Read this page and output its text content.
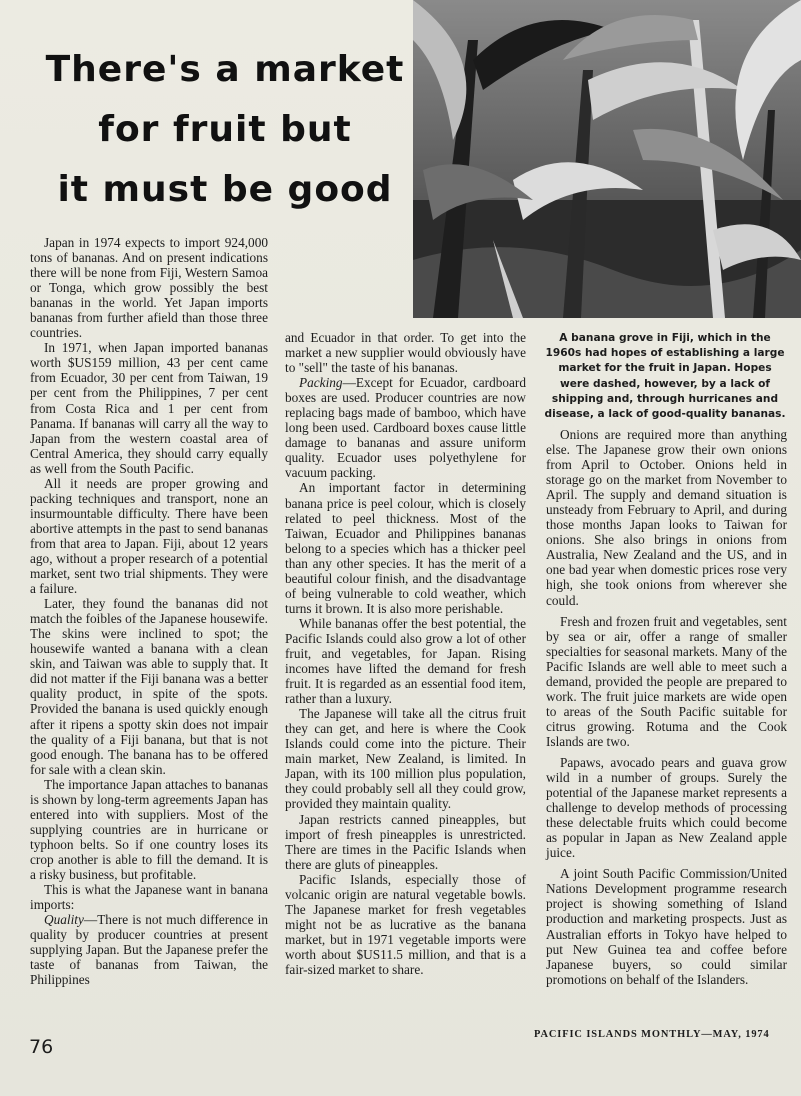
There's a market
for fruit but
it must be good

A banana grove in Fiji, which in the 1960s had hopes of establishing a large market for the fruit in Japan. Hopes were dashed, however, by a lack of shipping and, through hurricanes and disease, a lack of good-quality bananas.

Japan in 1974 expects to import 924,000 tons of bananas. And on present indications there will be none from Fiji, Western Samoa or Tonga, which grow possibly the best bananas in the world. Yet Japan imports bananas from further afield than those three countries.

In 1971, when Japan imported bananas worth $US159 million, 43 per cent came from Ecuador, 30 per cent from Taiwan, 19 per cent from the Philippines, 7 per cent from Costa Rica and 1 per cent from Panama. If bananas will carry all the way to Japan from the western coastal area of Central America, they should carry equally as well from the South Pacific.

All it needs are proper growing and packing techniques and transport, none an insurmountable difficulty. There have been abortive attempts in the past to send bananas from that area to Japan. Fiji, about 12 years ago, without a proper research of a potential market, sent two trial shipments. They were a failure.

Later, they found the bananas did not match the foibles of the Japanese housewife. The skins were inclined to spot; the housewife wanted a banana with a clean skin, and Taiwan was able to supply that. It did not matter if the Fiji banana was a better quality product, in spite of the spots. Provided the banana is used quickly enough after it ripens a spotty skin does not impair the quality of a Fiji banana, but that is not good enough. The banana has to be offered for sale with a clean skin.

The importance Japan attaches to bananas is shown by long-term agreements Japan has entered into with suppliers. Most of the supplying countries are in hurricane or typhoon belts. So if one country loses its crop another is able to fill the demand. It is a risky business, but profitable.

This is what the Japanese want in banana imports:

Quality—There is not much difference in quality by producer countries at present supplying Japan. But the Japanese prefer the taste of bananas from Taiwan, the Philippines

and Ecuador in that order. To get into the market a new supplier would obviously have to "sell" the taste of his bananas.

Packing—Except for Ecuador, cardboard boxes are used. Producer countries are now replacing bags made of bamboo, which have long been used. Cardboard boxes cause little damage to bananas and assure uniform quality. Ecuador uses polyethylene for vacuum packing.

An important factor in determining banana price is peel colour, which is closely related to peel thickness. Most of the Taiwan, Ecuador and Philippines bananas belong to a species which has a thicker peel than any other species. It has the merit of a beautiful colour finish, and the disadvantage of being vulnerable to cold weather, which turns it brown. It is also more perishable.

While bananas offer the best potential, the Pacific Islands could also grow a lot of other fruit, and vegetables, for Japan. Rising incomes have lifted the demand for fresh fruit. It is regarded as an essential food item, rather than a luxury.

The Japanese will take all the citrus fruit they can get, and here is where the Cook Islands could come into the picture. Their main market, New Zealand, is limited. In Japan, with its 100 million plus population, they could probably sell all they could grow, provided they maintain quality.

Japan restricts canned pineapples, but import of fresh pineapples is unrestricted. There are times in the Pacific Islands when there are gluts of pineapples.

Pacific Islands, especially those of volcanic origin are natural vegetable bowls. The Japanese market for fresh vegetables might not be as lucrative as the banana market, but in 1971 vegetable imports were worth about $US11.5 million, and that is a fair-sized market to share.

Onions are required more than anything else. The Japanese grow their own onions from April to October. Onions held in storage go on the market from November to April. The supply and demand situation is unsteady from February to April, and during those months Japan looks to Taiwan for onions. She also brings in onions from Australia, New Zealand and the US, and in one bad year when domestic prices rose very high, she took onions from wherever she could.

Fresh and frozen fruit and vegetables, sent by sea or air, offer a range of smaller specialties for seasonal markets. Many of the Pacific Islands are well able to meet such a demand, provided the people are prepared to work. The fruit juice markets are wide open to areas of the South Pacific suitable for citrus growing. Rotuma and the Cook Islands are two.

Papaws, avocado pears and guava grow wild in a number of groups. Surely the potential of the Japanese market represents a challenge to develop methods of processing these delectable fruits which could become as popular in Japan as New Zealand apple juice.

A joint South Pacific Commission/United Nations Development programme research project is showing something of Island production and marketing prospects. Just as Australian efforts in Tokyo have helped to put New Guinea tea and coffee before Japanese buyers, so could similar promotions on behalf of the Islanders.

76

PACIFIC ISLANDS MONTHLY—MAY, 1974
